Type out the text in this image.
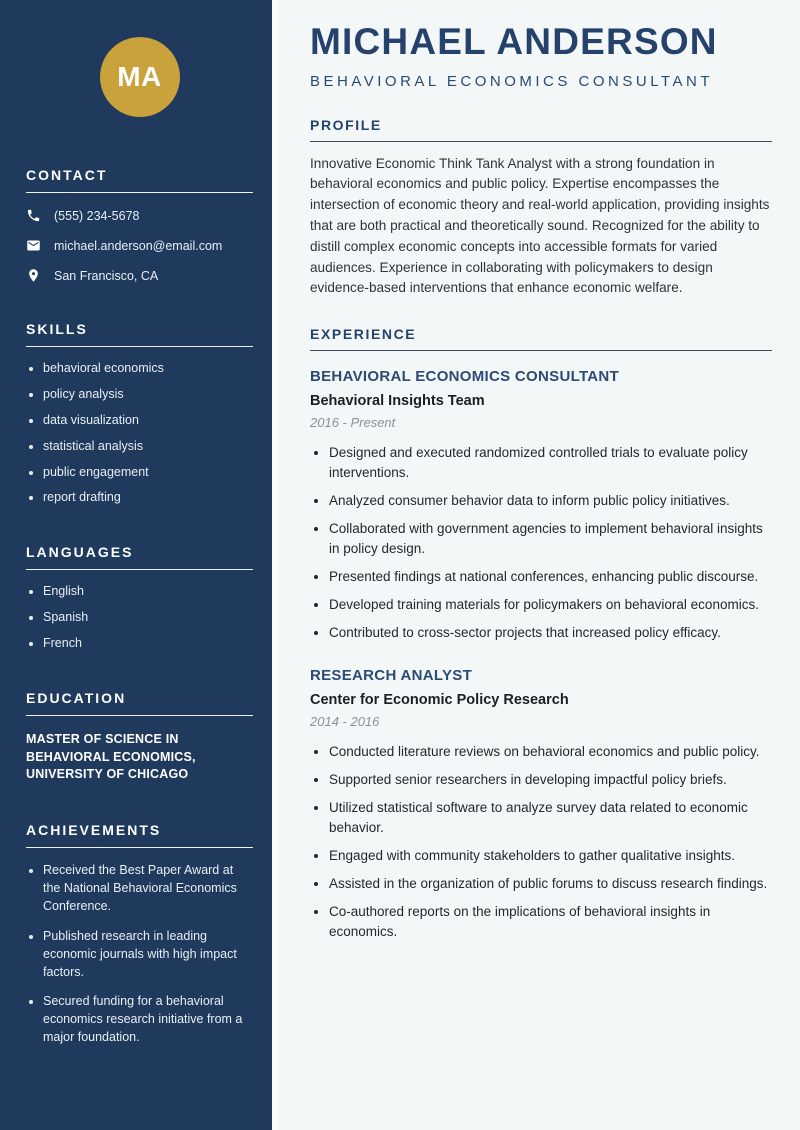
MA
CONTACT
(555) 234-5678
michael.anderson@email.com
San Francisco, CA
SKILLS
• behavioral economics
• policy analysis
• data visualization
• statistical analysis
• public engagement
• report drafting
LANGUAGES
• English
• Spanish
• French
EDUCATION

MASTER OF SCIENCE IN BEHAVIORAL ECONOMICS, UNIVERSITY OF CHICAGO

ACHIEVEMENTS
• Received the Best Paper Award at the National Behavioral Economics Conference.
• Published research in leading economic journals with high impact factors.
• Secured funding for a behavioral economics research initiative from a major foundation.
MICHAEL ANDERSON

BEHAVIORAL ECONOMICS CONSULTANT

PROFILE

Innovative Economic Think Tank Analyst with a strong foundation in behavioral economics and public policy. Expertise encompasses the intersection of economic theory and real-world application, providing insights that are both practical and theoretically sound. Recognized for the ability to distill complex economic concepts into accessible formats for varied audiences. Experience in collaborating with policymakers to design evidence-based interventions that enhance economic welfare.

EXPERIENCE
BEHAVIORAL ECONOMICS CONSULTANT

Behavioral Insights Team

2016 - Present

• Designed and executed randomized controlled trials to evaluate policy interventions.
• Analyzed consumer behavior data to inform public policy initiatives.
• Collaborated with government agencies to implement behavioral insights in policy design.
• Presented findings at national conferences, enhancing public discourse.
• Developed training materials for policymakers on behavioral economics.
• Contributed to cross-sector projects that increased policy efficacy.
RESEARCH ANALYST

Center for Economic Policy Research

2014 - 2016

• Conducted literature reviews on behavioral economics and public policy.
• Supported senior researchers in developing impactful policy briefs.
• Utilized statistical software to analyze survey data related to economic behavior.
• Engaged with community stakeholders to gather qualitative insights.
• Assisted in the organization of public forums to discuss research findings.
• Co-authored reports on the implications of behavioral insights in economics.
